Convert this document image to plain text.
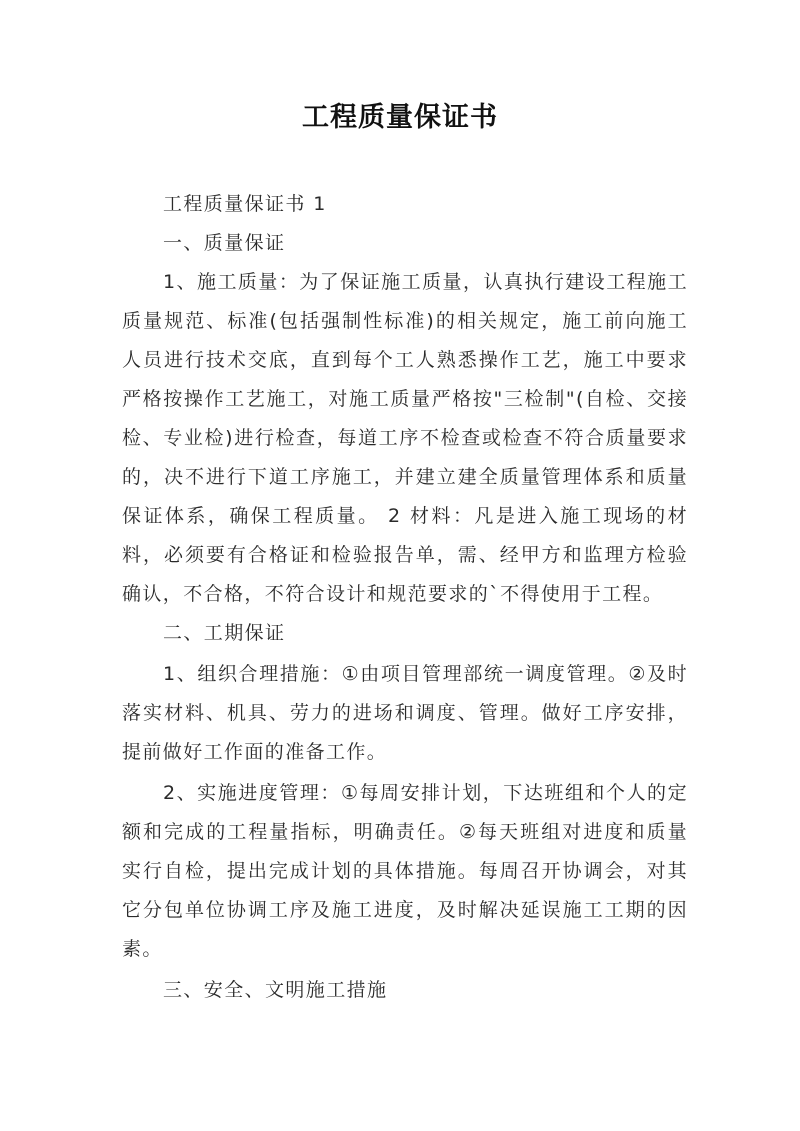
工程质量保证书

工程质量保证书 1

一、质量保证

1、施工质量：为了保证施工质量，认真执行建设工程施工质量规范、标准(包括强制性标准)的相关规定，施工前向施工人员进行技术交底，直到每个工人熟悉操作工艺，施工中要求严格按操作工艺施工，对施工质量严格按"三检制"(自检、交接检、专业检)进行检查，每道工序不检查或检查不符合质量要求的，决不进行下道工序施工，并建立建全质量管理体系和质量保证体系，确保工程质量。 2 材料：凡是进入施工现场的材料，必须要有合格证和检验报告单，需、经甲方和监理方检验确认，不合格，不符合设计和规范要求的`不得使用于工程。

二、工期保证

1、组织合理措施：①由项目管理部统一调度管理。②及时落实材料、机具、劳力的进场和调度、管理。做好工序安排，提前做好工作面的准备工作。

2、实施进度管理：①每周安排计划，下达班组和个人的定额和完成的工程量指标，明确责任。②每天班组对进度和质量实行自检，提出完成计划的具体措施。每周召开协调会，对其它分包单位协调工序及施工进度，及时解决延误施工工期的因素。

三、安全、文明施工措施
